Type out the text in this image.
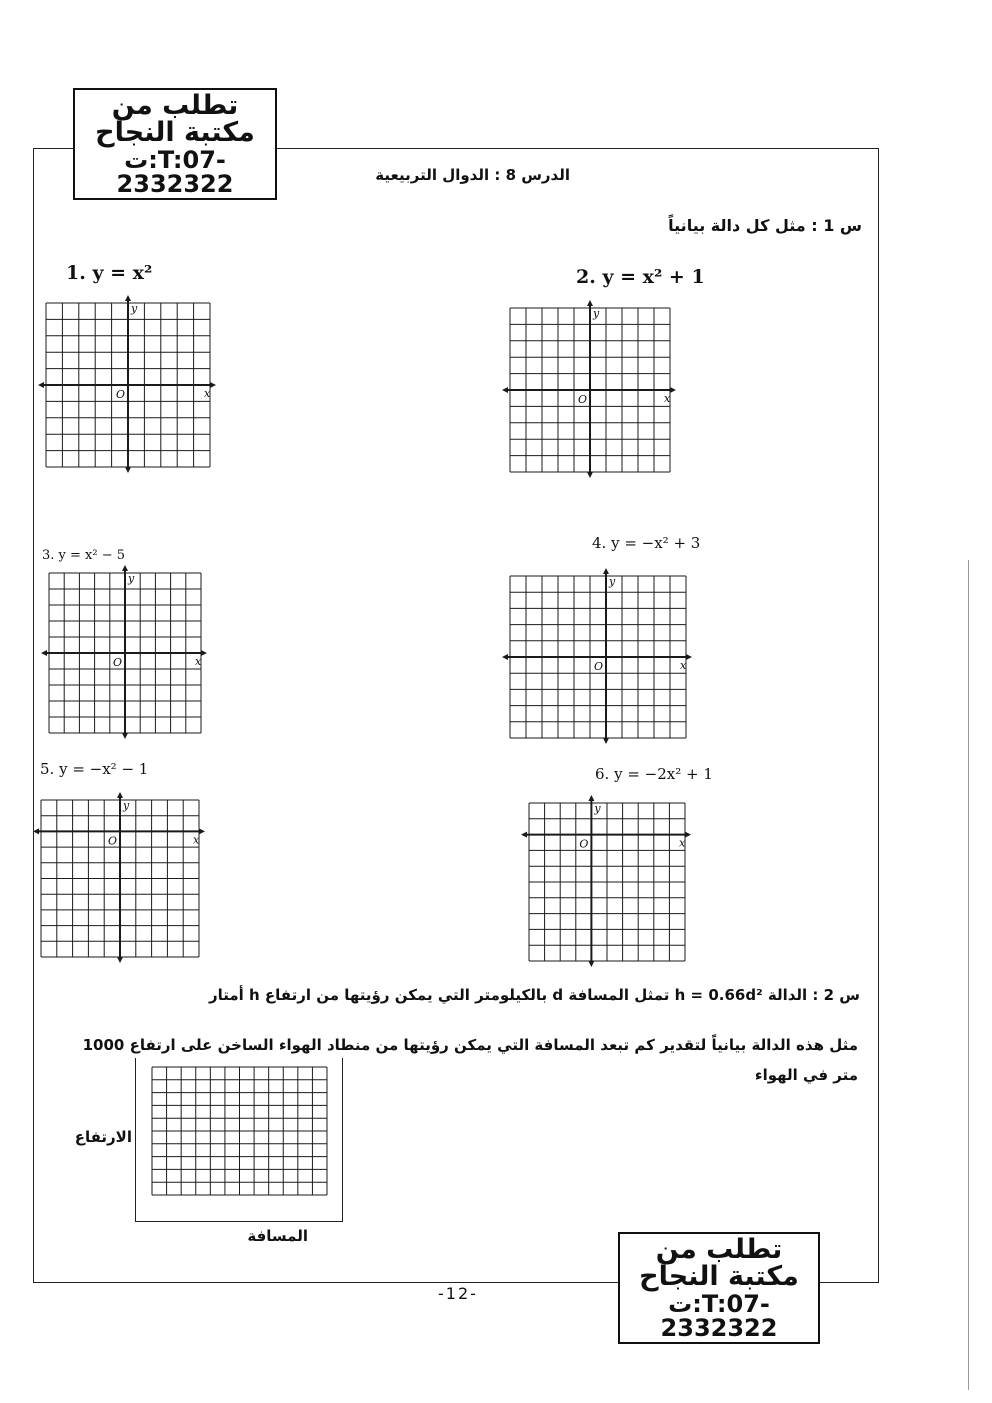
تطلب من مكتبة النجاح
ت:T:07-2332322	الدرس 8 : الدوال التربيعية
س 1 : مثل كل دالة بيانياً
1. y = x²	2. y = x² + 1
3. y = x² − 5
4. y = −x² + 3
5. y = −x² − 1	6. y = −2x² + 1
x
y
O	x
y
O
x
y
O	x
y
O
x
y
O	x
y
O
س 2 : الدالة h = 0.66d² تمثل المسافة d بالكيلومتر التي يمكن رؤيتها من ارتفاع h أمتار
مثل هذه الدالة بيانياً لتقدير كم تبعد المسافة التي يمكن رؤيتها من منطاد الهواء الساخن على ارتفاع 1000 متر في الهواء
الارتفاع
المسافة	تطلب من مكتبة النجاح
ت:T:07-2332322
-12-
